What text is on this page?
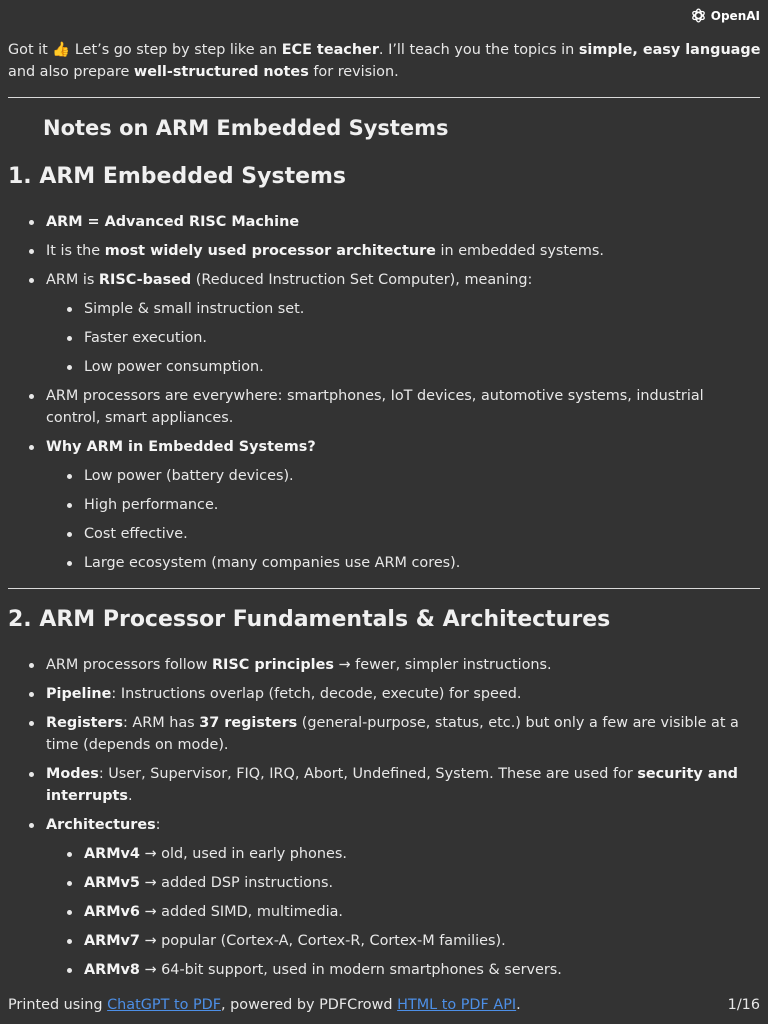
OpenAI
Got it 👍 Let’s go step by step like an ECE teacher. I’ll teach you the topics in simple, easy language and also prepare well-structured notes for revision.
Notes on ARM Embedded Systems
1. ARM Embedded Systems
ARM = Advanced RISC Machine
It is the most widely used processor architecture in embedded systems.
ARM is RISC-based (Reduced Instruction Set Computer), meaning:
Simple & small instruction set.
Faster execution.
Low power consumption.
ARM processors are everywhere: smartphones, IoT devices, automotive systems, industrial control, smart appliances.
Why ARM in Embedded Systems?
Low power (battery devices).
High performance.
Cost effective.
Large ecosystem (many companies use ARM cores).
2. ARM Processor Fundamentals & Architectures
ARM processors follow RISC principles → fewer, simpler instructions.
Pipeline: Instructions overlap (fetch, decode, execute) for speed.
Registers: ARM has 37 registers (general-purpose, status, etc.) but only a few are visible at a time (depends on mode).
Modes: User, Supervisor, FIQ, IRQ, Abort, Undefined, System. These are used for security and interrupts.
Architectures:
ARMv4 → old, used in early phones.
ARMv5 → added DSP instructions.
ARMv6 → added SIMD, multimedia.
ARMv7 → popular (Cortex-A, Cortex-R, Cortex-M families).
ARMv8 → 64-bit support, used in modern smartphones & servers.
Printed using ChatGPT to PDF, powered by PDFCrowd HTML to PDF API.	1/16
